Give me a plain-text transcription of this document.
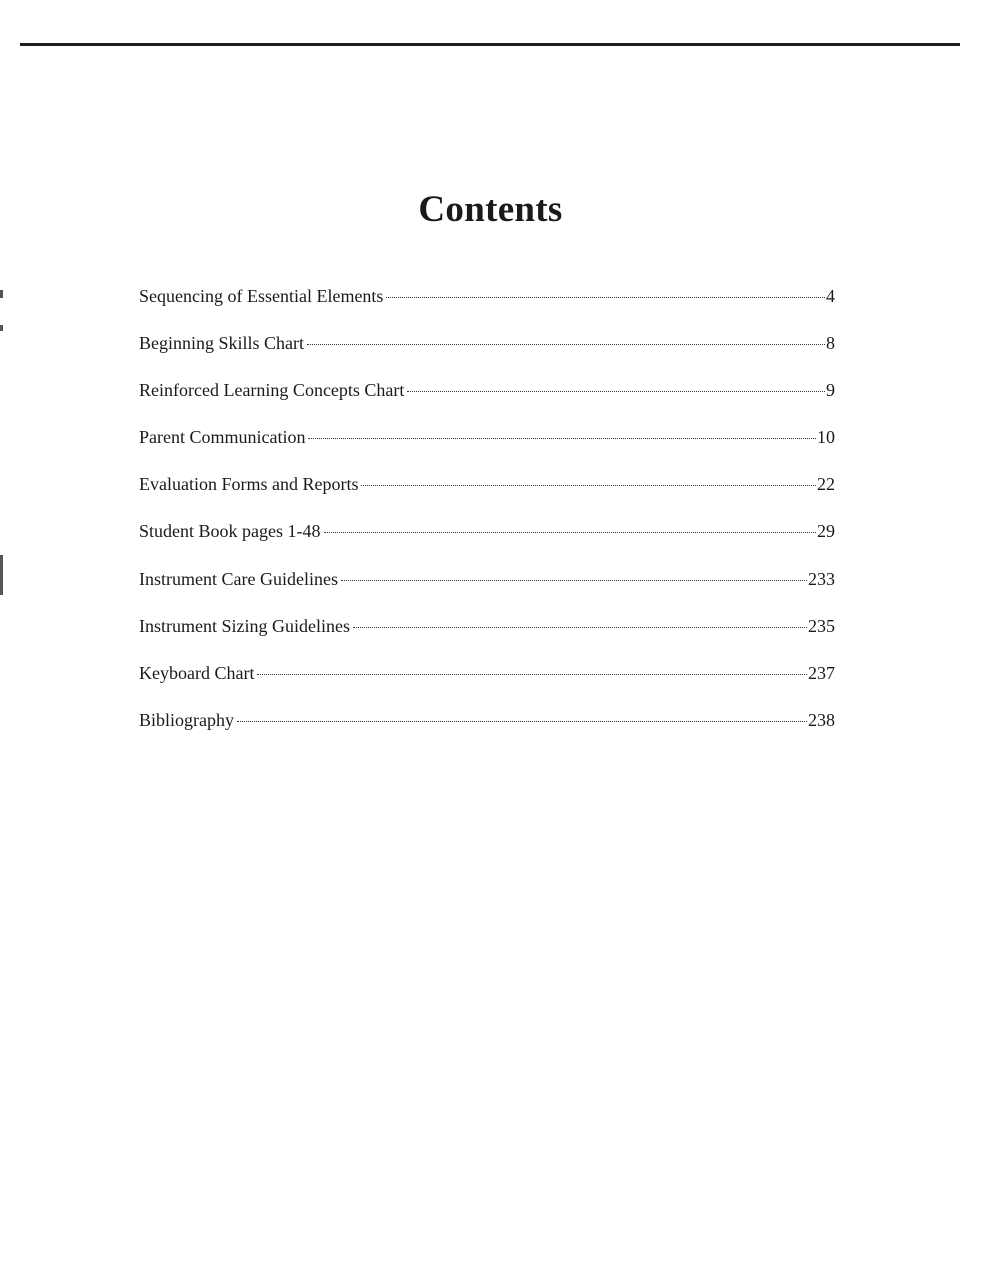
Contents
Sequencing of Essential Elements	4
Beginning Skills Chart	8
Reinforced Learning Concepts Chart	9
Parent Communication	10
Evaluation Forms and Reports	22
Student Book pages 1-48	29
Instrument Care Guidelines	233
Instrument Sizing Guidelines	235
Keyboard Chart	237
Bibliography	238
